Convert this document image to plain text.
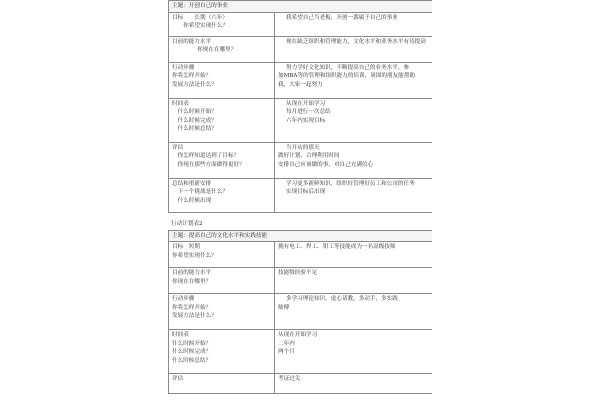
主题：开创自己的事业	

目标　　长期（六年）
　　你希望实现什么？	我希望自己当老板，开创一番属于自己的事业

目前的能力水平
　　你现在在哪里？	现在缺乏组织和管理能力，文化水平和业务水平有待提高

行动步骤
你将怎样开始？
发展方法是什么？	努力学好文化知识，不断提高自己的业务水平，参
加MBA等的管理和组织能力的培训，周围的朋友能帮助
我，大家一起努力

时间表
　什么时候开始？
　什么时候完成？
　什么时候总结？	从现在开始学习
每月进行一次总结
六年内实现目标

评估
　你怎样知道达到了目标？
　你现在那些方面做得更好？	当开店的那天
做好计划，合理利用时间
安排自己应该做的事，对自己充满信心

总结和重新安排
　下一个挑战是什么？
　什么时候出现	学习更多新鲜知识，组织好管理好员工和公司的任务
实现目标后出现
行动计划表2
主题：提高自己的文化水平和实践技能	

目标　短期
你希望实现什么？	拥有电工、焊工、钳工等技能成为一名高级技师

目前的能力水平
你现在在哪里？	技能级经验不足

行动步骤
你将怎样开始？
发展方法是什么？	多学习理论知识，虚心请教，多动手，多实践
师傅

时间表
什么时候开始？
什么时候完成？
什么时候总结？	从现在开始学习
二年内
两个月

评估	考证过关
